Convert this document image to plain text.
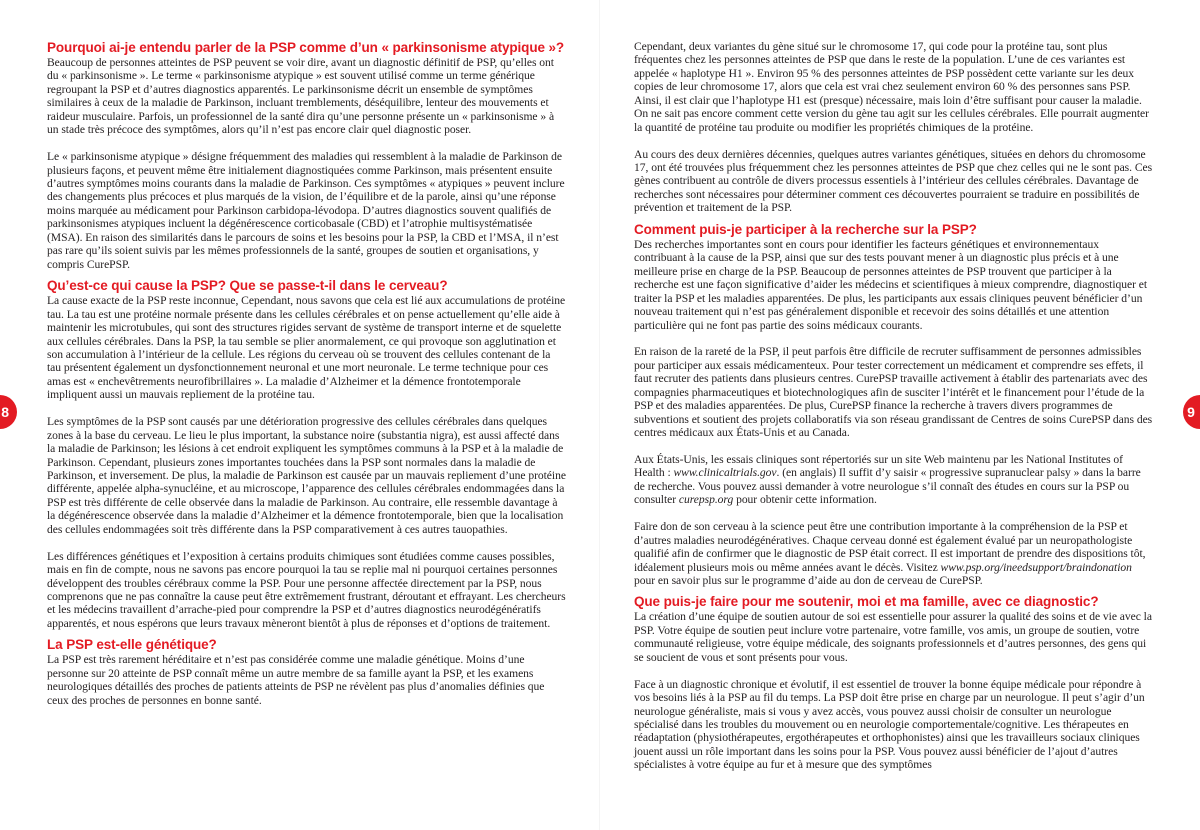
Pourquoi ai-je entendu parler de la PSP comme d’un « parkinsonisme atypique »?

Beaucoup de personnes atteintes de PSP peuvent se voir dire, avant un diagnostic définitif de PSP, qu’elles ont du « parkinsonisme ». Le terme « parkinsonisme atypique » est souvent utilisé comme un terme générique regroupant la PSP et d’autres diagnostics apparentés. Le parkinsonisme décrit un ensemble de symptômes similaires à ceux de la maladie de Parkinson, incluant tremblements, déséquilibre, lenteur des mouvements et raideur musculaire. Parfois, un professionnel de la santé dira qu’une personne présente un « parkinsonisme » à un stade très précoce des symptômes, alors qu’il n’est pas encore clair quel diagnostic poser.

Le « parkinsonisme atypique » désigne fréquemment des maladies qui ressemblent à la maladie de Parkinson de plusieurs façons, et peuvent même être initialement diagnostiquées comme Parkinson, mais présentent ensuite d’autres symptômes moins courants dans la maladie de Parkinson. Ces symptômes « atypiques » peuvent inclure des changements plus précoces et plus marqués de la vision, de l’équilibre et de la parole, ainsi qu’une réponse moins marquée au médicament pour Parkinson carbidopa-lévodopa. D’autres diagnostics souvent qualifiés de parkinsonismes atypiques incluent la dégénérescence corticobasale (CBD) et l’atrophie multisystématisée (MSA). En raison des similarités dans le parcours de soins et les besoins pour la PSP, la CBD et l’MSA, il n’est pas rare qu’ils soient suivis par les mêmes professionnels de la santé, groupes de soutien et organisations, y compris CurePSP.

Qu’est-ce qui cause la PSP? Que se passe-t-il dans le cerveau?

La cause exacte de la PSP reste inconnue, Cependant, nous savons que cela est lié aux accumulations de protéine tau. La tau est une protéine normale présente dans les cellules cérébrales et on pense actuellement qu’elle aide à maintenir les microtubules, qui sont des structures rigides servant de système de transport interne et de squelette aux cellules cérébrales. Dans la PSP, la tau semble se plier anormalement, ce qui provoque son agglutination et son accumulation à l’intérieur de la cellule. Les régions du cerveau où se trouvent des cellules contenant de la tau présentent également un dysfonctionnement neuronal et une mort neuronale. Le terme technique pour ces amas est « enchevêtrements neurofibrillaires ». La maladie d’Alzheimer et la démence frontotemporale impliquent aussi un mauvais repliement de la protéine tau.

Les symptômes de la PSP sont causés par une détérioration progressive des cellules cérébrales dans quelques zones à la base du cerveau. Le lieu le plus important, la substance noire (substantia nigra), est aussi affecté dans la maladie de Parkinson; les lésions à cet endroit expliquent les symptômes communs à la PSP et à la maladie de Parkinson. Cependant, plusieurs zones importantes touchées dans la PSP sont normales dans la maladie de Parkinson, et inversement. De plus, la maladie de Parkinson est causée par un mauvais repliement d’une protéine différente, appelée alpha-synucléine, et au microscope, l’apparence des cellules cérébrales endommagées dans la PSP est très différente de celle observée dans la maladie de Parkinson. Au contraire, elle ressemble davantage à la dégénérescence observée dans la maladie d’Alzheimer et la démence frontotemporale, bien que la localisation des cellules endommagées soit très différente dans la PSP comparativement à ces autres tauopathies.

Les différences génétiques et l’exposition à certains produits chimiques sont étudiées comme causes possibles, mais en fin de compte, nous ne savons pas encore pourquoi la tau se replie mal ni pourquoi certaines personnes développent des troubles cérébraux comme la PSP. Pour une personne affectée directement par la PSP, nous comprenons que ne pas connaître la cause peut être extrêmement frustrant, déroutant et effrayant. Les chercheurs et les médecins travaillent d’arrache-pied pour comprendre la PSP et d’autres diagnostics neurodégénératifs apparentés, et nous espérons que leurs travaux mèneront bientôt à plus de réponses et d’options de traitement.

La PSP est-elle génétique?

La PSP est très rarement héréditaire et n’est pas considérée comme une maladie génétique. Moins d’une personne sur 20 atteinte de PSP connaît même un autre membre de sa famille ayant la PSP, et les examens neurologiques détaillés des proches de patients atteints de PSP ne révèlent pas plus d’anomalies définies que ceux des proches de personnes en bonne santé.

Cependant, deux variantes du gène situé sur le chromosome 17, qui code pour la protéine tau, sont plus fréquentes chez les personnes atteintes de PSP que dans le reste de la population. L’une de ces variantes est appelée « haplotype H1 ». Environ 95 % des personnes atteintes de PSP possèdent cette variante sur les deux copies de leur chromosome 17, alors que cela est vrai chez seulement environ 60 % des personnes sans PSP. Ainsi, il est clair que l’haplotype H1 est (presque) nécessaire, mais loin d’être suffisant pour causer la maladie. On ne sait pas encore comment cette version du gène tau agit sur les cellules cérébrales. Elle pourrait augmenter la quantité de protéine tau produite ou modifier les propriétés chimiques de la protéine.

Au cours des deux dernières décennies, quelques autres variantes génétiques, situées en dehors du chromosome 17, ont été trouvées plus fréquemment chez les personnes atteintes de PSP que chez celles qui ne le sont pas. Ces gènes contribuent au contrôle de divers processus essentiels à l’intérieur des cellules cérébrales. Davantage de recherches sont nécessaires pour déterminer comment ces découvertes pourraient se traduire en possibilités de prévention et traitement de la PSP.

Comment puis-je participer à la recherche sur la PSP?

Des recherches importantes sont en cours pour identifier les facteurs génétiques et environnementaux contribuant à la cause de la PSP, ainsi que sur des tests pouvant mener à un diagnostic plus précis et à une meilleure prise en charge de la PSP. Beaucoup de personnes atteintes de PSP trouvent que participer à la recherche est une façon significative d’aider les médecins et scientifiques à mieux comprendre, diagnostiquer et traiter la PSP et les maladies apparentées. De plus, les participants aux essais cliniques peuvent bénéficier d’un nouveau traitement qui n’est pas généralement disponible et recevoir des soins détaillés et une attention particulière qui ne font pas partie des soins médicaux courants.

En raison de la rareté de la PSP, il peut parfois être difficile de recruter suffisamment de personnes admissibles pour participer aux essais médicamenteux. Pour tester correctement un médicament et comprendre ses effets, il faut recruter des patients dans plusieurs centres. CurePSP travaille activement à établir des partenariats avec des compagnies pharmaceutiques et biotechnologiques afin de susciter l’intérêt et le financement pour l’étude de la PSP et des maladies apparentées. De plus, CurePSP finance la recherche à travers divers programmes de subventions et soutient des projets collaboratifs via son réseau grandissant de Centres de soins CurePSP dans des centres médicaux aux États-Unis et au Canada.

Aux États-Unis, les essais cliniques sont répertoriés sur un site Web maintenu par les National Institutes of Health : www.clinicaltrials.gov. (en anglais) Il suffit d’y saisir « progressive supranuclear palsy » dans la barre de recherche. Vous pouvez aussi demander à votre neurologue s’il connaît des études en cours sur la PSP ou consulter curepsp.org pour obtenir cette information.

Faire don de son cerveau à la science peut être une contribution importante à la compréhension de la PSP et d’autres maladies neurodégénératives. Chaque cerveau donné est également évalué par un neuropathologiste qualifié afin de confirmer que le diagnostic de PSP était correct. Il est important de prendre des dispositions tôt, idéalement plusieurs mois ou même années avant le décès. Visitez www.psp.org/ineedsupport/braindonation pour en savoir plus sur le programme d’aide au don de cerveau de CurePSP.

Que puis-je faire pour me soutenir, moi et ma famille, avec ce diagnostic?

La création d’une équipe de soutien autour de soi est essentielle pour assurer la qualité des soins et de vie avec la PSP. Votre équipe de soutien peut inclure votre partenaire, votre famille, vos amis, un groupe de soutien, votre communauté religieuse, votre équipe médicale, des soignants professionnels et d’autres personnes, des gens qui se soucient de vous et sont présents pour vous.

Face à un diagnostic chronique et évolutif, il est essentiel de trouver la bonne équipe médicale pour répondre à vos besoins liés à la PSP au fil du temps. La PSP doit être prise en charge par un neurologue. Il peut s’agir d’un neurologue généraliste, mais si vous y avez accès, vous pouvez aussi choisir de consulter un neurologue spécialisé dans les troubles du mouvement ou en neurologie comportementale/cognitive. Les thérapeutes en réadaptation (physiothérapeutes, ergothérapeutes et orthophonistes) ainsi que les travailleurs sociaux cliniques jouent aussi un rôle important dans les soins pour la PSP. Vous pouvez aussi bénéficier de l’ajout d’autres spécialistes à votre équipe au fur et à mesure que des symptômes

8	9
